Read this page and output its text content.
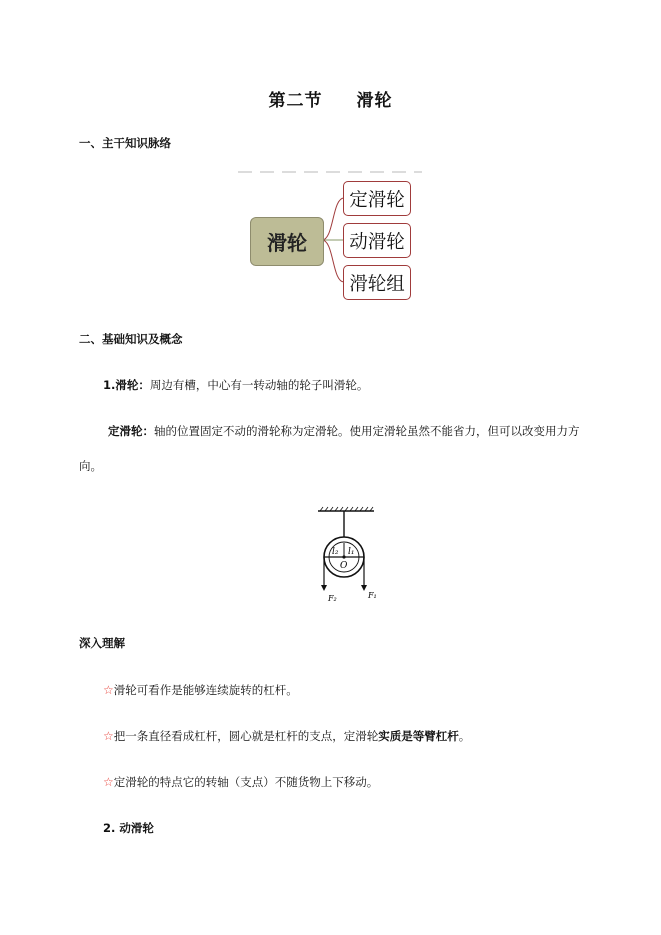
第二节 滑轮
一、主干知识脉络
滑轮
定滑轮
动滑轮
滑轮组
二、基础知识及概念
1.滑轮：周边有槽，中心有一转动轴的轮子叫滑轮。
定滑轮：轴的位置固定不动的滑轮称为定滑轮。使用定滑轮虽然不能省力，但可以改变用力方
向。
l₂ l₁
O
F₂	F₁
深入理解
☆滑轮可看作是能够连续旋转的杠杆。
☆把一条直径看成杠杆，圆心就是杠杆的支点，定滑轮实质是等臂杠杆。
☆定滑轮的特点它的转轴（支点）不随货物上下移动。
2. 动滑轮
